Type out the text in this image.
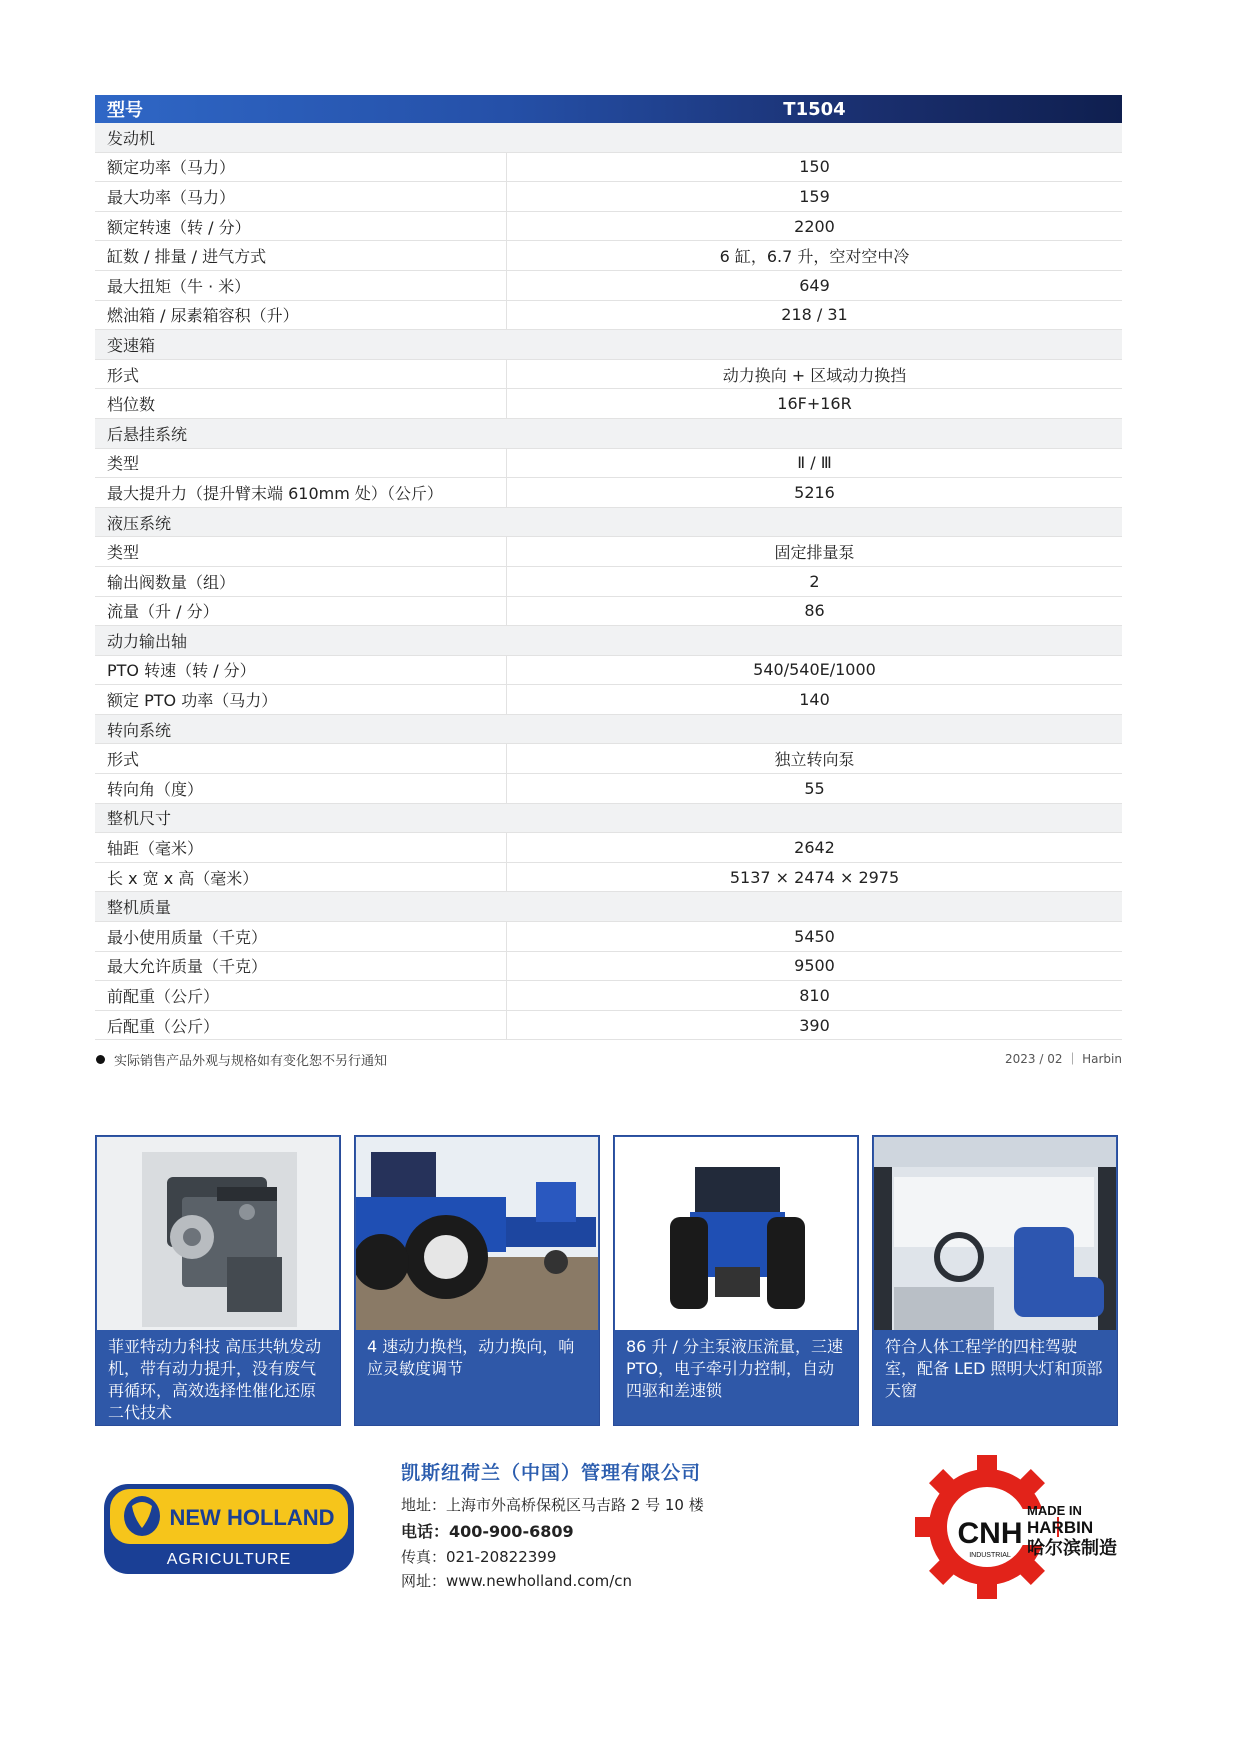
型号	T1504
发动机
额定功率（马力）	150
最大功率（马力）	159
额定转速（转 / 分）	2200
缸数 / 排量 / 进气方式	6 缸，6.7 升，空对空中冷
最大扭矩（牛 · 米）	649
燃油箱 / 尿素箱容积（升）	218 / 31
变速箱
形式	动力换向 + 区域动力换挡
档位数	16F+16R
后悬挂系统
类型	Ⅱ / Ⅲ
最大提升力（提升臂末端 610mm 处）（公斤）	5216
液压系统
类型	固定排量泵
输出阀数量（组）	2
流量（升 / 分）	86
动力输出轴
PTO 转速（转 / 分）	540/540E/1000
额定 PTO 功率（马力）	140
转向系统
形式	独立转向泵
转向角（度）	55
整机尺寸
轴距（毫米）	2642
长 x 宽 x 高（毫米）	5137 × 2474 × 2975
整机质量
最小使用质量（千克）	5450
最大允许质量（千克）	9500
前配重（公斤）	810
后配重（公斤）	390
实际销售产品外观与规格如有变化恕不另行通知	2023 / 02 ｜ Harbin
菲亚特动力科技 高压共轨发动机，带有动力提升，没有废气再循环，高效选择性催化还原二代技术
4 速动力换档，动力换向，响应灵敏度调节
86 升 / 分主泵液压流量，三速 PTO，电子牵引力控制，自动四驱和差速锁
符合人体工程学的四柱驾驶室，配备 LED 照明大灯和顶部天窗
NEW HOLLAND
AGRICULTURE
凯斯纽荷兰（中国）管理有限公司
地址：上海市外高桥保税区马吉路 2 号 10 楼
电话：400-900-6809
传真：021-20822399
网址：www.newholland.com/cn
CNH
INDUSTRIAL
MADE IN
HARBIN
哈尔滨制造
